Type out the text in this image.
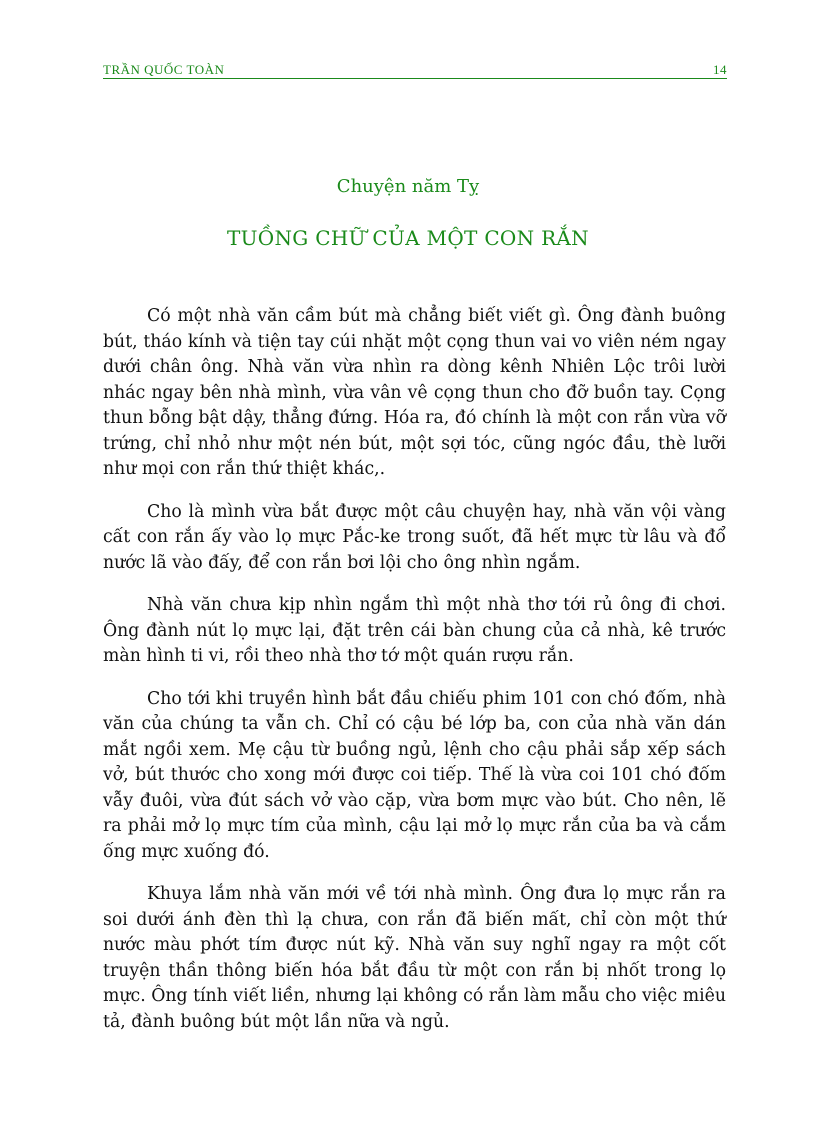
TRẦN QUỐC TOÀN	14
Chuyện năm Tỵ
TUỒNG CHỮ CỦA MỘT CON RẮN

Có một nhà văn cầm bút mà chẳng biết viết gì. Ông đành buông bút, tháo kính và tiện tay cúi nhặt một cọng thun vai vo viên ném ngay dưới chân ông. Nhà văn vừa nhìn ra dòng kênh Nhiên Lộc trôi lười nhác ngay bên nhà mình, vừa vân vê cọng thun cho đỡ buồn tay. Cọng thun bỗng bật dậy, thẳng đứng. Hóa ra, đó chính là một con rắn vừa vỡ trứng, chỉ nhỏ như một nén bút, một sợi tóc, cũng ngóc đầu, thè lưỡi như mọi con rắn thứ thiệt khác,.

Cho là mình vừa bắt được một câu chuyện hay, nhà văn vội vàng cất con rắn ấy vào lọ mực Pắc-ke trong suốt, đã hết mực từ lâu và đổ nước lã vào đấy, để con rắn bơi lội cho ông nhìn ngắm.

Nhà văn chưa kịp nhìn ngắm thì một nhà thơ tới rủ ông đi chơi. Ông đành nút lọ mực lại, đặt trên cái bàn chung của cả nhà, kê trước màn hình ti vi, rồi theo nhà thơ tớ một quán rượu rắn.

Cho tới khi truyền hình bắt đầu chiếu phim 101 con chó đốm, nhà văn của chúng ta vẫn ch. Chỉ có cậu bé lớp ba, con của nhà văn dán mắt ngồi xem. Mẹ cậu từ buồng ngủ, lệnh cho cậu phải sắp xếp sách vở, bút thước cho xong mới được coi tiếp. Thế là vừa coi 101 chó đốm vẫy đuôi, vừa đút sách vở vào cặp, vừa bơm mực vào bút. Cho nên, lẽ ra phải mở lọ mực tím của mình, cậu lại mở lọ mực rắn của ba và cắm ống mực xuống đó.

Khuya lắm nhà văn mới về tới nhà mình. Ông đưa lọ mực rắn ra soi dưới ánh đèn thì lạ chưa, con rắn đã biến mất, chỉ còn một thứ nước màu phớt tím được nút kỹ. Nhà văn suy nghĩ ngay ra một cốt truyện thần thông biến hóa bắt đầu từ một con rắn bị nhốt trong lọ mực. Ông tính viết liền, nhưng lại không có rắn làm mẫu cho việc miêu tả, đành buông bút một lần nữa và ngủ.
